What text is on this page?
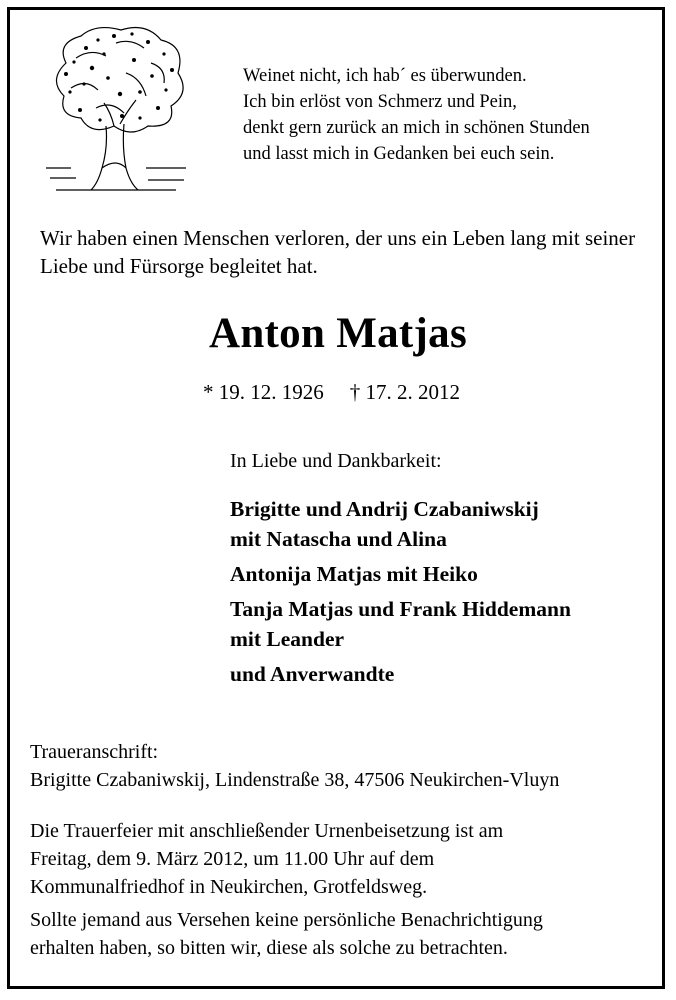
Weinet nicht, ich hab´ es überwunden.
Ich bin erlöst von Schmerz und Pein,
denkt gern zurück an mich in schönen Stunden
und lasst mich in Gedanken bei euch sein.
Wir haben einen Menschen verloren, der uns ein Leben lang mit seiner Liebe und Fürsorge begleitet hat.
Anton Matjas
* 19. 12. 1926 † 17. 2. 2012
In Liebe und Dankbarkeit:
Brigitte und Andrij Czabaniwskij
mit Natascha und Alina
Antonija Matjas mit Heiko
Tanja Matjas und Frank Hiddemann
mit Leander
und Anverwandte
Traueranschrift:
Brigitte Czabaniwskij, Lindenstraße 38, 47506 Neukirchen-Vluyn
Die Trauerfeier mit anschließender Urnenbeisetzung ist am
Freitag, dem 9. März 2012, um 11.00 Uhr auf dem
Kommunalfriedhof in Neukirchen, Grotfeldsweg.
Sollte jemand aus Versehen keine persönliche Benachrichtigung
erhalten haben, so bitten wir, diese als solche zu betrachten.
